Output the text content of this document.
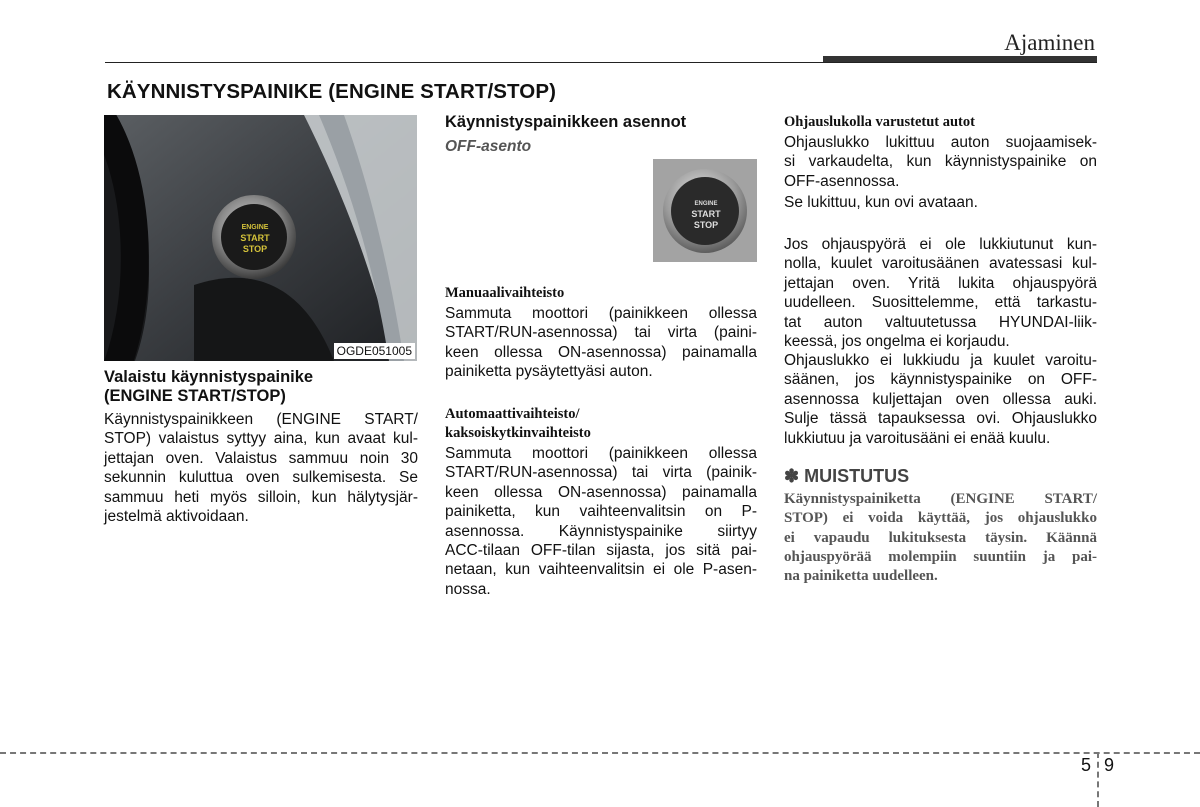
Ajaminen
KÄYNNISTYSPAINIKE (ENGINE START/STOP)
ENGINE
START
STOP
OGDE051005
Valaistu käynnistyspainike
(ENGINE START/STOP)

Käynnistyspainikkeen (ENGINE START/

STOP) valaistus syttyy aina, kun avaat kul-

jettajan oven. Valaistus sammuu noin 30

sekunnin kuluttua oven sulkemisesta. Se

sammuu heti myös silloin, kun hälytysjär-

jestelmä aktivoidaan.

Käynnistyspainikkeen asennot
OFF-asento
ENGINE
START
STOP
Manuaalivaihteisto

Sammuta moottori (painikkeen ollessa

START/RUN-asennossa) tai virta (paini-

keen ollessa ON-asennossa) painamalla

painiketta pysäytettyäsi auton.

Automaattivaihteisto/
kaksoiskytkinvaihteisto

Sammuta moottori (painikkeen ollessa

START/RUN-asennossa) tai virta (painik-

keen ollessa ON-asennossa) painamalla

painiketta, kun vaihteenvalitsin on P-

asennossa. Käynnistyspainike siirtyy

ACC-tilaan OFF-tilan sijasta, jos sitä pai-

netaan, kun vaihteenvalitsin ei ole P-asen-

nossa.

Ohjauslukolla varustetut autot

Ohjauslukko lukittuu auton suojaamisek-

si varkaudelta, kun käynnistyspainike on

OFF-asennossa.

Se lukittuu, kun ovi avataan.

Jos ohjauspyörä ei ole lukkiutunut kun-

nolla, kuulet varoitusäänen avatessasi kul-

jettajan oven. Yritä lukita ohjauspyörä

uudelleen. Suosittelemme, että tarkastu-

tat auton valtuutetussa HYUNDAI-liik-

keessä, jos ongelma ei korjaudu.

Ohjauslukko ei lukkiudu ja kuulet varoitu-

säänen, jos käynnistyspainike on OFF-

asennossa kuljettajan oven ollessa auki.

Sulje tässä tapauksessa ovi. Ohjauslukko

lukkiutuu ja varoitusääni ei enää kuulu.

✽ MUISTUTUS

Käynnistyspainiketta (ENGINE START/

STOP) ei voida käyttää, jos ohjauslukko

ei vapaudu lukituksesta täysin. Käännä

ohjauspyörää molempiin suuntiin ja pai-

na painiketta uudelleen.

5 9
